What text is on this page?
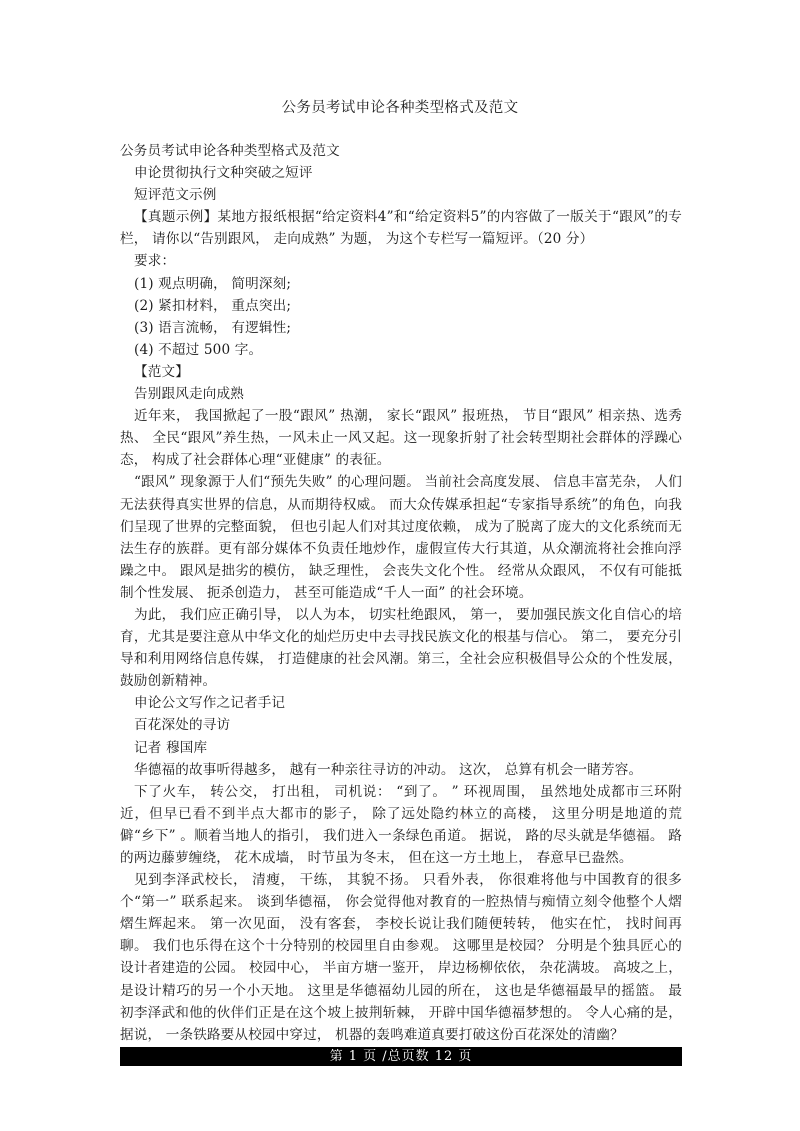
公务员考试申论各种类型格式及范文

公务员考试申论各种类型格式及范文

申论贯彻执行文种突破之短评

短评范文示例

【真题示例】某地方报纸根据“给定资料4”和“给定资料5”的内容做了一版关于“跟风”的专栏， 请你以“告别跟风， 走向成熟” 为题， 为这个专栏写一篇短评。（20 分）

要求：

(1) 观点明确， 简明深刻;

(2) 紧扣材料， 重点突出;

(3) 语言流畅， 有逻辑性;

(4) 不超过 500 字。

【范文】

告别跟风走向成熟

近年来， 我国掀起了一股“跟风” 热潮， 家长“跟风” 报班热， 节目“跟风” 相亲热、选秀热、 全民“跟风”养生热，一风未止一风又起。这一现象折射了社会转型期社会群体的浮躁心态， 构成了社会群体心理“亚健康” 的表征。

“跟风” 现象源于人们“预先失败” 的心理问题。 当前社会高度发展、 信息丰富芜杂， 人们无法获得真实世界的信息，从而期待权威。 而大众传媒承担起“专家指导系统”的角色，向我们呈现了世界的完整面貌， 但也引起人们对其过度依赖， 成为了脱离了庞大的文化系统而无法生存的族群。更有部分媒体不负责任地炒作，虚假宣传大行其道，从众潮流将社会推向浮躁之中。 跟风是拙劣的模仿， 缺乏理性， 会丧失文化个性。 经常从众跟风， 不仅有可能抵制个性发展、 扼杀创造力， 甚至可能造成“千人一面” 的社会环境。

为此， 我们应正确引导， 以人为本， 切实杜绝跟风， 第一， 要加强民族文化自信心的培育，尤其是要注意从中华文化的灿烂历史中去寻找民族文化的根基与信心。 第二， 要充分引导和利用网络信息传媒， 打造健康的社会风潮。第三，全社会应积极倡导公众的个性发展， 鼓励创新精神。

申论公文写作之记者手记

百花深处的寻访

记者 穆国库

华德福的故事听得越多， 越有一种亲往寻访的冲动。 这次， 总算有机会一睹芳容。

下了火车， 转公交， 打出租， 司机说： “到了。 ” 环视周围， 虽然地处成都市三环附近，但早已看不到半点大都市的影子， 除了远处隐约林立的高楼， 这里分明是地道的荒僻“乡下” 。顺着当地人的指引， 我们进入一条绿色甬道。 据说， 路的尽头就是华德福。 路的两边藤萝缠绕， 花木成墙， 时节虽为冬末， 但在这一方土地上， 春意早已盎然。

见到李泽武校长， 清瘦， 干练， 其貌不扬。 只看外表， 你很难将他与中国教育的很多个“第一” 联系起来。 谈到华德福， 你会觉得他对教育的一腔热情与痴情立刻令他整个人熠熠生辉起来。 第一次见面， 没有客套， 李校长说让我们随便转转， 他实在忙， 找时间再聊。 我们也乐得在这个十分特别的校园里自由参观。 这哪里是校园？ 分明是个独具匠心的设计者建造的公园。 校园中心， 半亩方塘一鉴开， 岸边杨柳依依， 杂花满坡。 高坡之上， 是设计精巧的另一个小天地。 这里是华德福幼儿园的所在， 这也是华德福最早的摇篮。 最初李泽武和他的伙伴们正是在这个坡上披荆斩棘， 开辟中国华德福梦想的。 令人心痛的是， 据说， 一条铁路要从校园中穿过， 机器的轰鸣难道真要打破这份百花深处的清幽？

第 1 页 /总页数 12 页
